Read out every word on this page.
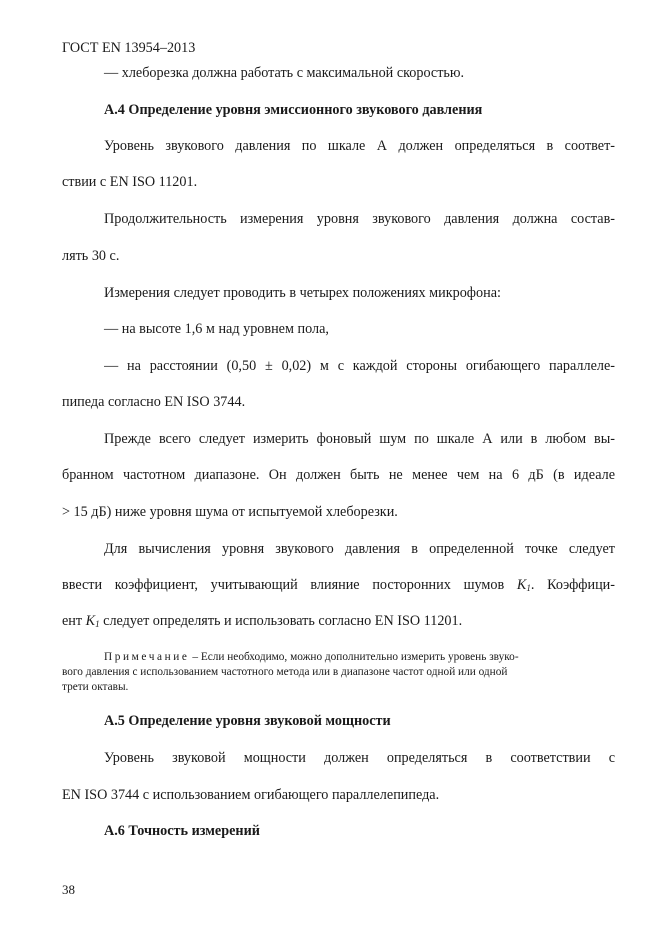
ГОСТ EN 13954–2013
— хлеборезка должна работать с максимальной скоростью.
А.4 Определение уровня эмиссионного звукового давления
Уровень звукового давления по шкале А должен определяться в соответ-
ствии с EN ISO 11201.
Продолжительность измерения уровня звукового давления должна состав-
лять 30 с.
Измерения следует проводить в четырех положениях микрофона:
— на высоте 1,6 м над уровнем пола,
— на расстоянии (0,50 ± 0,02) м с каждой стороны огибающего параллеле-
пипеда согласно EN ISO 3744.
Прежде всего следует измерить фоновый шум по шкале А или в любом вы-
бранном частотном диапазоне. Он должен быть не менее чем на 6 дБ (в идеале
> 15 дБ) ниже уровня шума от испытуемой хлеборезки.
Для вычисления уровня звукового давления в определенной точке следует
ввести коэффициент, учитывающий влияние посторонних шумов $K_1$. Коэффици-
ент $K_1$ следует определять и использовать согласно EN ISO 11201.
Примечание – Если необходимо, можно дополнительно измерить уровень звуко-
вого давления с использованием частотного метода или в диапазоне частот одной или одной
трети октавы.
А.5 Определение уровня звуковой мощности
Уровень звуковой мощности должен определяться в соответствии с
EN ISO 3744 с использованием огибающего параллелепипеда.
А.6 Точность измерений
38
